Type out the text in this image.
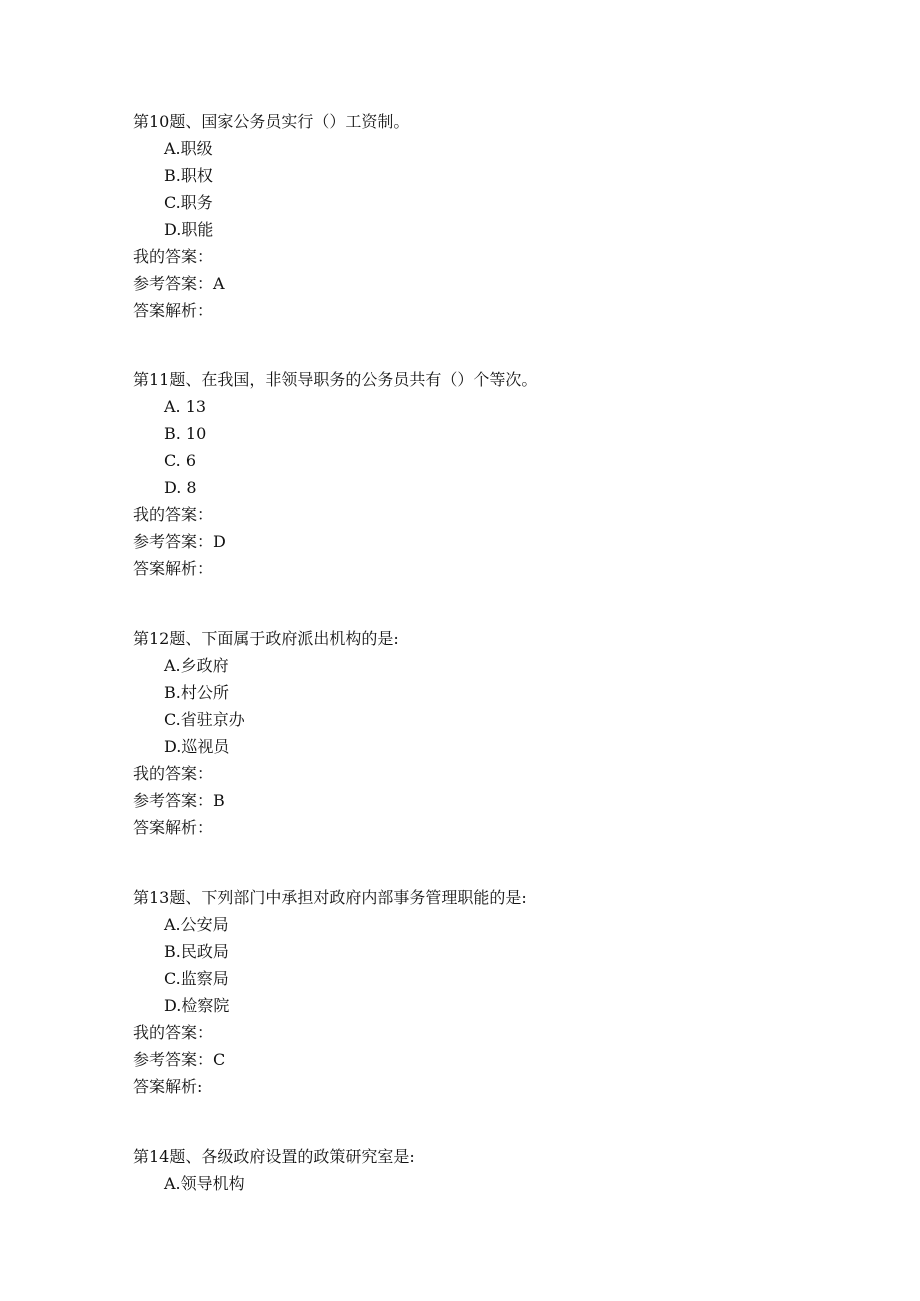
第10题、国家公务员实行（）工资制。
A.职级
B.职权
C.职务
D.职能
我的答案：
参考答案：A
答案解析：
第11题、在我国，非领导职务的公务员共有（）个等次。
A. 13
B. 10
C. 6
D. 8
我的答案：
参考答案：D
答案解析：
第12题、下面属于政府派出机构的是:
A.乡政府
B.村公所
C.省驻京办
D.巡视员
我的答案：
参考答案：B
答案解析：
第13题、下列部门中承担对政府内部事务管理职能的是:
A.公安局
B.民政局
C.监察局
D.检察院
我的答案：
参考答案：C
答案解析:
第14题、各级政府设置的政策研究室是:
A.领导机构
